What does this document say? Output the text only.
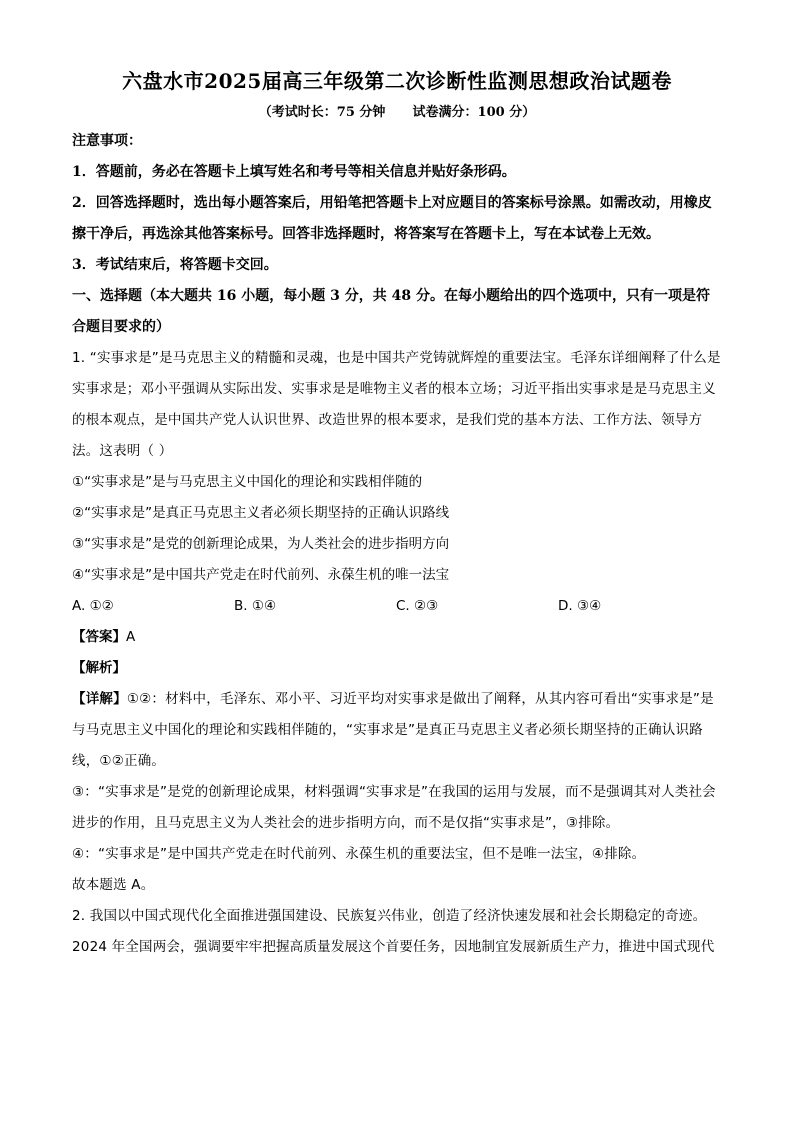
六盘水市2025届高三年级第二次诊断性监测思想政治试题卷
（考试时长：75 分钟      试卷满分：100 分）

注意事项：

1．答题前，务必在答题卡上填写姓名和考号等相关信息并贴好条形码。

2．回答选择题时，选出每小题答案后，用铅笔把答题卡上对应题目的答案标号涂黑。如需改动，用橡皮擦干净后，再选涂其他答案标号。回答非选择题时，将答案写在答题卡上，写在本试卷上无效。

3．考试结束后，将答题卡交回。

一、选择题（本大题共 16 小题，每小题 3 分，共 48 分。在每小题给出的四个选项中，只有一项是符合题目要求的）

1. “实事求是”是马克思主义的精髓和灵魂，也是中国共产党铸就辉煌的重要法宝。毛泽东详细阐释了什么是实事求是；邓小平强调从实际出发、实事求是是唯物主义者的根本立场；习近平指出实事求是是马克思主义的根本观点，是中国共产党人认识世界、改造世界的根本要求，是我们党的基本方法、工作方法、领导方法。这表明（ ）

①“实事求是”是与马克思主义中国化的理论和实践相伴随的

②“实事求是”是真正马克思主义者必须长期坚持的正确认识路线

③“实事求是”是党的创新理论成果，为人类社会的进步指明方向

④“实事求是”是中国共产党走在时代前列、永葆生机的唯一法宝

A. ①②	B. ①④	C. ②③	D. ③④

【答案】A

【解析】

【详解】①②：材料中，毛泽东、邓小平、习近平均对实事求是做出了阐释，从其内容可看出“实事求是”是与马克思主义中国化的理论和实践相伴随的，“实事求是”是真正马克思主义者必须长期坚持的正确认识路线，①②正确。

③：“实事求是”是党的创新理论成果，材料强调“实事求是”在我国的运用与发展，而不是强调其对人类社会进步的作用，且马克思主义为人类社会的进步指明方向，而不是仅指“实事求是”，③排除。

④：“实事求是”是中国共产党走在时代前列、永葆生机的重要法宝，但不是唯一法宝，④排除。

故本题选 A。

2. 我国以中国式现代化全面推进强国建设、民族复兴伟业，创造了经济快速发展和社会长期稳定的奇迹。2024 年全国两会，强调要牢牢把握高质量发展这个首要任务，因地制宜发展新质生产力，推进中国式现代
